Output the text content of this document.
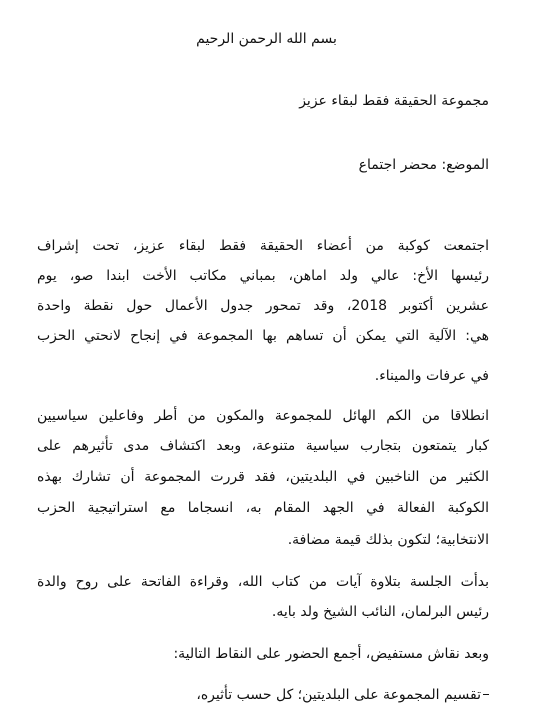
بسم الله الرحمن الرحيم
مجموعة الحقيقة فقط لبقاء عزيز
الموضع: محضر اجتماع
اجتمعت كوكبة من أعضاء الحقيقة فقط لبقاء عزيز، تحت إشراف
رئيسها الأخ: عالي ولد اماهن، بمباني مكاتب الأخت ابندا صو، يوم
عشرين أكتوبر 2018، وقد تمحور جدول الأعمال حول نقطة واحدة
هي: الآلية التي يمكن أن تساهم بها المجموعة في إنجاح لانحتي الحزب
في عرفات والميناء.
انطلاقا من الكم الهائل للمجموعة والمكون من أطر وفاعلين سياسيين
كبار يتمتعون بتجارب سياسية متنوعة، وبعد اكتشاف مدى تأثيرهم على
الكثير من الناخبين في البلديتين، فقد قررت المجموعة أن تشارك بهذه
الكوكبة الفعالة في الجهد المقام به، انسجاما مع استراتيجية الحزب
الانتخابية؛ لتكون بذلك قيمة مضافة.
بدأت الجلسة بتلاوة آيات من كتاب الله، وقراءة الفاتحة على روح والدة
رئيس البرلمان، النائب الشيخ ولد بايه.
وبعد نقاش مستفيض، أجمع الحضور على النقاط التالية:
تقسيم المجموعة على البلديتين؛ كل حسب تأثيره،
